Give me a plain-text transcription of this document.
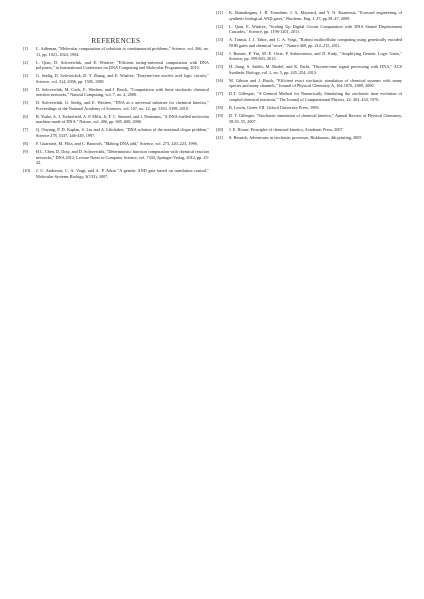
REFERENCES
[1]	L. Adleman, "Molecular computation of solutions to combinatorial problems," Science, vol. 266, no. 11, pp. 1021–1024, 1994.
[2]	L. Qian, D. Soloveichik, and E. Winfree, "Efficient turing-universal computation with DNA polymers," in International Conference on DNA Computing and Molecular Programming, 2010.
[3]	G. Seelig, D. Soloveichik, D. Y. Zhang, and E. Winfree, "Enzyme-free nucleic acid logic circuits," Science, vol. 314, 2006, pp. 1585–1588.
[4]	D. Soloveichik, M. Cook, E. Winfree, and J. Bruck, "Computation with finite stochastic chemical reaction networks," Natural Computing, vol. 7, no. 4, 2008.
[5]	D. Soloveichik, G. Seelig, and E. Winfree, "DNA as a universal substrate for chemical kinetics," Proceedings of the National Academy of Sciences, vol. 107, no. 12, pp. 5393–5398, 2010.
[6]	B. Yurke, A. J. Turberfield, A. P. Mills, Jr, F. C. Simmel, and J. Neumann, "A DNA-fuelled molecular machine made of DNA," Nature, vol. 406, pp. 605–608, 2000.
[7]	Q. Ouyang, P. D. Kaplan, S. Liu and A. Libchaber, "DNA solution of the maximal clique problem," Science 278, 5337, 446-449, 1997.
[8]	F. Guarnieri, M. Fliss, and C. Bancroft, "Making DNA add," Science, vol. 273, 220–223, 1996.
[9]	H.L. Chen, D. Doty, and D. Soloveichik, "Deterministic function computation with chemical reaction networks," DNA 2012, Lecture Notes in Computer Science, vol. 7433, Springer-Verlag, 2012, pp. 25-42.
[10]	J. C. Anderson, C. A. Voigt, and A. P. Arkin "A genetic AND gate based on translation control," Molecular Systems Biology, 3(133), 2007.
[11]	K. Ramalingam, J. R. Tomshine, J. A. Maynard, and Y. N. Kaznessis, "Forward engineering of synthetic biological AND gates," Biochem. Eng. J. 47, pp.38–47, 2009.
[12]	L. Qian, E. Winfree, "Scaling Up Digital Circuit Computation with DNA Strand Displacement Cascades," Science, pp. 1196-1201, 2011.
[13]	A. Tamsir, J. J. Tabor, and C. A. Voigt, "Robust multicellular computing using genetically encoded NOR gates and chemical 'wires'," Nature 469, pp. 212–215, 2011.
[14]	J. Bonnet, P. Yin, M. E. Ortiz, P. Subsoontorn, and D. Endy, "Amplifying Genetic Logic Gates," Science, pp. 599-603, 2013.
[15]	H. Jiang, S. Salehi, M. Riedel, and K. Parhi, "Discrete-time signal processing with DNA," ACS Synthetic Biology, vol. 2, no. 5, pp. 245–254, 2013.
[16]	M. Gibson and J. Bruck, "Efficient exact stochastic simulation of chemical systems with many species and many channels," Journal of Physical Chemistry A, 104:1876–1889, 2000.
[17]	D.T. Gillespie, "A General Method for Numerically Simulating the stochastic time evolution of coupled chemical reactions," The Journal of Computational Physics, 22: 403–434, 1976.
[18]	B. Lewin, Genes VII. Oxford University Press, 1999.
[19]	D. T. Gillespie, "Stochastic simulation of chemical kinetics," Annual Review of Physical Chemistry, 58:35–55, 2007.
[20]	J. E. House: Principles of chemical kinetics, Academic Press, 2007
[21]	S. Resnick, Adventures in stochastic processes, Birkhauser, 4th printing, 2005
